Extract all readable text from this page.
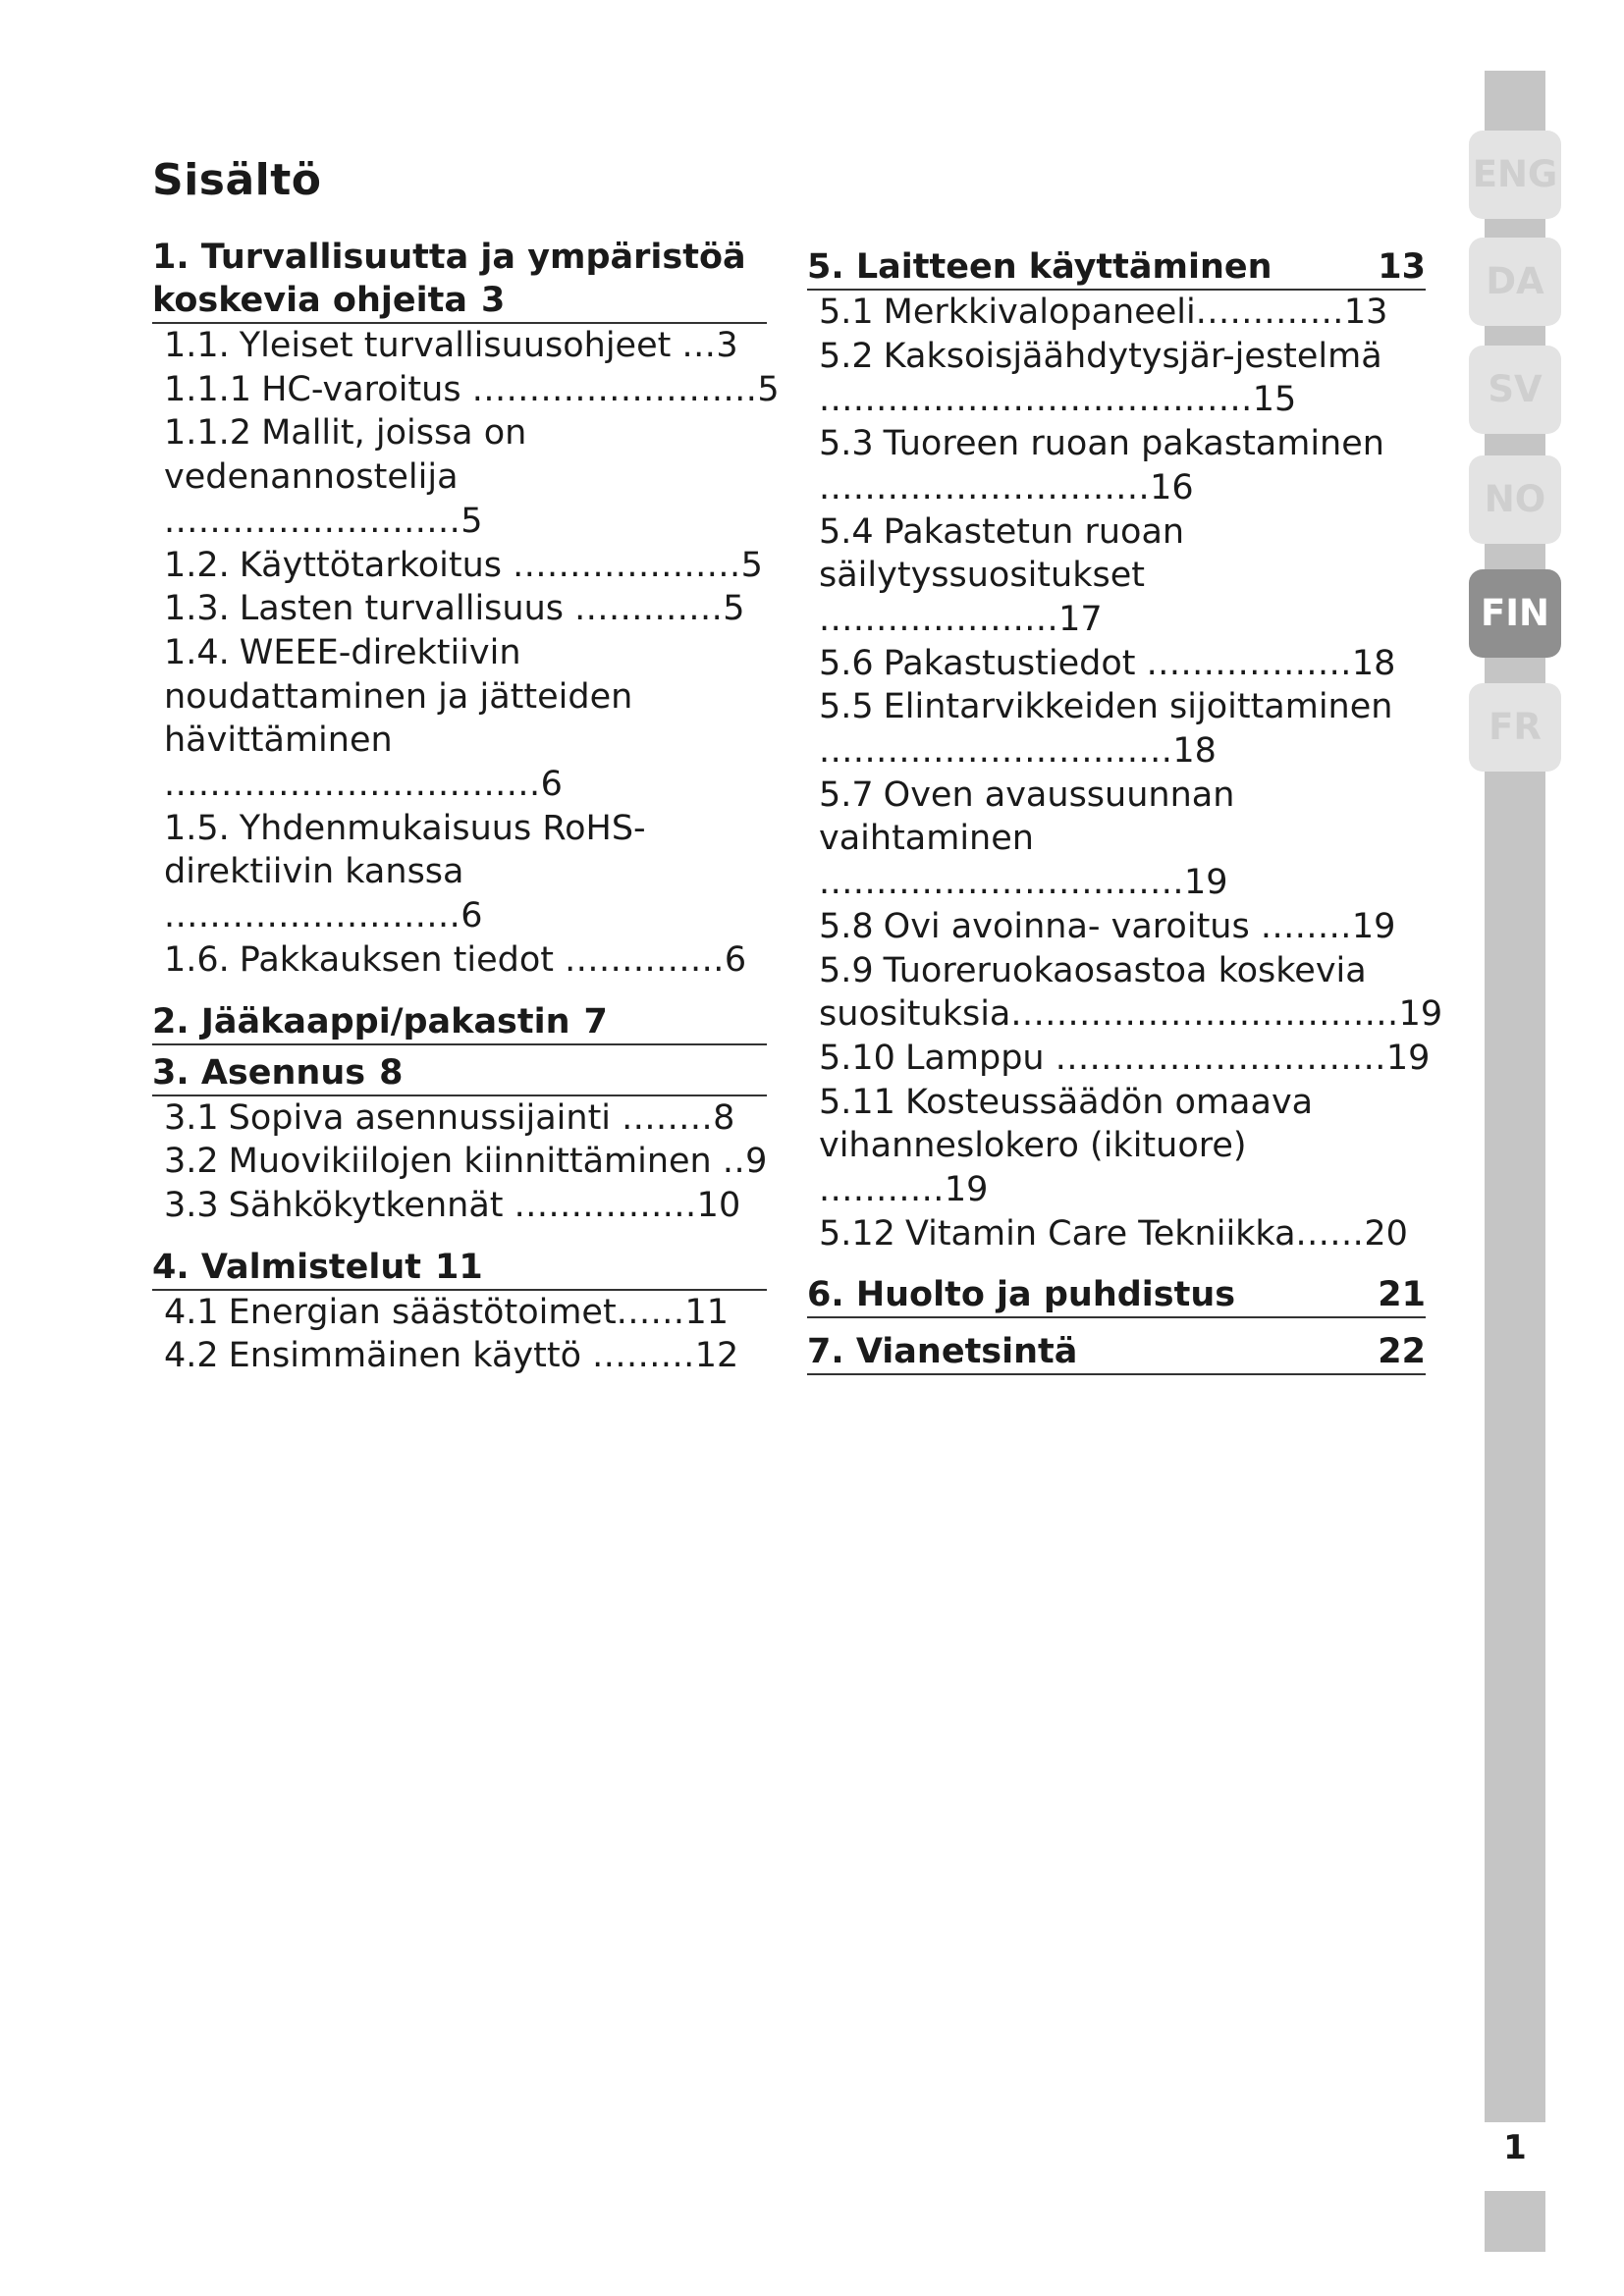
Sisältö
1. Turvallisuutta ja ympäristöä koskevia ohjeita 3
1.1. Yleiset turvallisuusohjeet ...3
1.1.1 HC-varoitus .........................5
1.1.2 Mallit, joissa on vedenannostelija ..........................5
1.2. Käyttötarkoitus ....................5
1.3. Lasten turvallisuus .............5
1.4. WEEE-direktiivin noudattaminen ja jätteiden hävittäminen .................................6
1.5. Yhdenmukaisuus RoHS-direktiivin kanssa ..........................6
1.6. Pakkauksen tiedot ..............6
2. Jääkaappi/pakastin 7
3. Asennus 8
3.1 Sopiva asennussijainti ........8
3.2 Muovikiilojen kiinnittäminen ..9
3.3 Sähkökytkennät ................10
4. Valmistelut 11
4.1 Energian säästötoimet......11
4.2 Ensimmäinen käyttö .........12
5. Laitteen käyttäminen	13
5.1 Merkkivalopaneeli.............13
5.2 Kaksoisjäähdytysjär-jestelmä ......................................15
5.3 Tuoreen ruoan pakastaminen .............................16
5.4 Pakastetun ruoan säilytyssuositukset .....................17
5.6 Pakastustiedot ..................18
5.5 Elintarvikkeiden sijoittaminen ...............................18
5.7 Oven avaussuunnan vaihtaminen ................................19
5.8 Ovi avoinna- varoitus ........19
5.9 Tuoreruokaosastoa koskevia suosituksia..................................19
5.10 Lamppu .............................19
5.11 Kosteussäädön omaava vihanneslokero (ikituore) ...........19
5.12 Vitamin Care Tekniikka......20
6. Huolto ja puhdistus	21
7. Vianetsintä	22
ENG
DA
SV
NO
FIN
FR
1
